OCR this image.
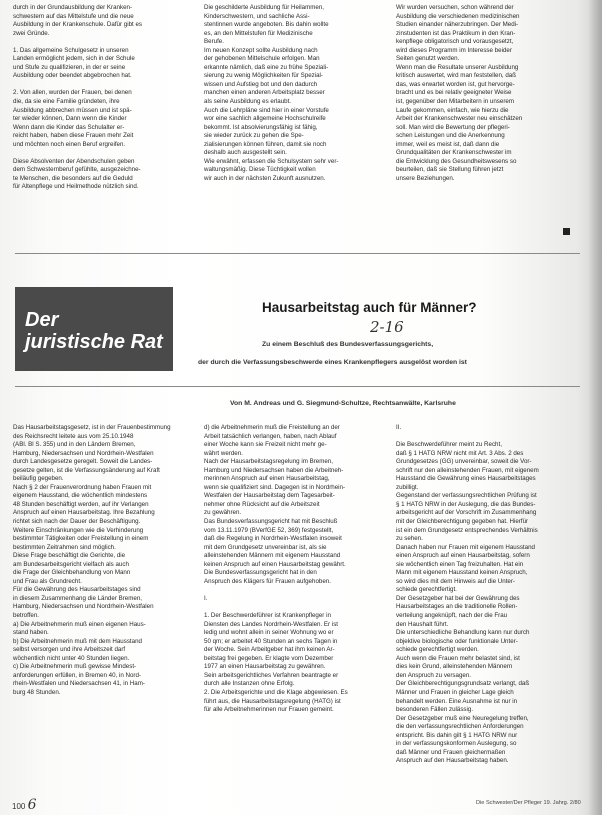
durch in der Grundausbildung der Kranken-
schwestern auf das Mittelstufe und die neue
Ausbildung in der Krankenschule. Dafür gibt es
zwei Gründe.

1. Das allgemeine Schulgesetz in unseren
Landen ermöglicht jedem, sich in der Schule
und Stufe zu qualifizieren, in der er seine
Ausbildung oder beendet abgebrochen hat.

2. Von allen, wurden der Frauen, bei denen
die, da sie eine Familie gründeten, ihre
Ausbildung abbrechen müssen und ist spä-
ter wieder können, Dann wenn die Kinder
Wenn dann die Kinder das Schulalter er-
reicht haben, haben diese Frauen mehr Zeit
und möchten noch einen Beruf ergreifen.

Diese Absolventen der Abendschulen geben
dem Schwesternberuf gefühlte, ausgezeichne-
te Menschen, die besonders auf die Geduld
für Altenpflege und Heilmethode nützlich sind.
Die geschilderte Ausbildung für Heilammen,
Kinderschwestern, und sachliche Assi-
stentinnen wurde angeboten. Bis dahin wollte
es, an den Mittelstufen für Medizinische
Berufe.
Im neuen Konzept sollte Ausbildung nach
der gehobenen Mittelschule erfolgen. Man
erkannte nämlich, daß eine zu frühe Speziali-
sierung zu wenig Möglichkeiten für Spezial-
wissen und Aufstieg bot und den dadurch
manchen einen anderen Arbeitsplatz besser
als seine Ausbildung es erlaubt.
Auch die Lehrpläne sind hier in einer Vorstufe
wor eine sachlich allgemeine Hochschulreife
bekommt. Ist absolvierungsfähig ist fähig,
sie wieder zurück zu gehen die Spe-
zialisierungen können führen, damit sie noch
deshalb auch ausgestellt sein.
Wie erwähnt, erfassen die Schulsystem sehr ver-
waltungsmäßig. Diese Tüchtigkeit wollen
wir auch in der nächsten Zukunft ausnutzen.
Wir wurden versuchen, schon während der
Ausbildung die verschiedenen medizinischen
Studien einander näherzubringen. Der Medi-
zinstudenten ist das Praktikum in den Kran-
kenpflege obligatorisch und vorausgesetzt,
wird dieses Programm im Interesse beider
Seiten genutzt werden.
Wenn man die Resultate unserer Ausbildung
kritisch auswertet, wird man feststellen, daß
das, was erwartet worden ist, gut hervorge-
bracht und es bei relativ geeigneter Weise
ist, gegenüber den Mitarbeitern in unserem
Laufe gekommen, einfach, wie hierzu die
Arbeit der Krankenschwester neu einschätzen
soll. Man wird die Bewertung der pflegeri-
schen Leistungen und die Anerkennung
immer, weil es meist ist, daß dann die
Grundqualitäten der Krankenschwester im
die Entwicklung des Gesundheitswesens so
beurteilen, daß sie Stellung führen jetzt
unsere Beziehungen.
Der
juristische Rat
Hausarbeitstag auch für Männer?
2-16
Zu einem Beschluß des Bundesverfassungsgerichts,
der durch die Verfassungsbeschwerde eines Krankenpflegers ausgelöst worden ist
Von M. Andreas und G. Siegmund-Schultze, Rechtsanwälte, Karlsruhe
Das Hausarbeitstagsgesetz, ist in der Frauenbestimmung
des Reichsrecht leitete aus vom 25.10.1948
(ABl. Bl S. 355) und in den Ländern Bremen,
Hamburg, Niedersachsen und Nordrhein-Westfalen
durch Landesgesetze geregelt. Soweit die Landes-
gesetze gelten, ist die Verfassungsänderung auf Kraft
beiläufig gegeben.
Nach § 2 der Frauenverordnung haben Frauen mit
eigenem Hausstand, die wöchentlich mindestens
48 Stunden beschäftigt werden, auf ihr Verlangen
Anspruch auf einen Hausarbeitstag. Ihre Bezahlung
richtet sich nach der Dauer der Beschäftigung.
Weitere Einschränkungen wie die Verhinderung
bestimmter Tätigkeiten oder Freistellung in einem
bestimmten Zeitrahmen sind möglich.
Diese Frage beschäftigt die Gerichte, die
am Bundesarbeitsgericht vielfach als auch
die Frage der Gleichbehandlung von Mann
und Frau als Grundrecht.
Für die Gewährung des Hausarbeitstages sind
in diesem Zusammenhang die Länder Bremen,
Hamburg, Niedersachsen und Nordrhein-Westfalen
betroffen.
a) Die Arbeitnehmerin muß einen eigenen Haus-
stand haben.
b) Die Arbeitnehmerin muß mit dem Hausstand
selbst versorgen und ihre Arbeitszeit darf
wöchentlich nicht unter 40 Stunden liegen.
c) Die Arbeitnehmerin muß gewisse Mindest-
anforderungen erfüllen, in Bremen 40, in Nord-
rhein-Westfalen und Niedersachsen 41, in Ham-
burg 48 Stunden.
d) die Arbeitnehmerin muß die Freistellung an der
Arbeit tatsächlich verlangen, haben, nach Ablauf
einer Woche kann sie Freizeit nicht mehr ge-
währt werden.
Nach der Hausarbeitstagsregelung im Bremen,
Hamburg und Niedersachsen haben die Arbeitneh-
merinnen Anspruch auf einen Hausarbeitstag,
wenn sie qualifiziert sind. Dagegen ist in Nordrhein-
Westfalen der Hausarbeitstag dem Tagesarbeit-
nehmer ohne Rücksicht auf die Arbeitszeit
zu gewähren.
Das Bundesverfassungsgericht hat mit Beschluß
vom 13.11.1979 (BVerfGE 52, 369) festgestellt,
daß die Regelung in Nordrhein-Westfalen insoweit
mit dem Grundgesetz unvereinbar ist, als sie
alleinstehenden Männern mit eigenem Hausstand
keinen Anspruch auf einen Hausarbeitstag gewährt.
Die Bundesverfassungsgericht hat in den
Anspruch des Klägers für Frauen aufgehoben.

I.

1. Der Beschwerdeführer ist Krankenpfleger in
Diensten des Landes Nordrhein-Westfalen. Er ist
ledig und wohnt allein in seiner Wohnung wo er
50 qm; er arbeitet 40 Stunden an sechs Tagen in
der Woche. Sein Arbeitgeber hat ihm keinen Ar-
beitstag frei gegeben. Er klagte vom Dezember
1977 an einen Hausarbeitstag zu gewähren.
Sein arbeitsgerichtliches Verfahren beantragte er
durch alle Instanzen ohne Erfolg.
2. Die Arbeitsgerichte und die Klage abgewiesen. Es
führt aus, die Hausarbeitstagsregelung (HATG) ist
für alle Arbeitnehmerinnen nur Frauen gemeint.
II.

Die Beschwerdeführer meint zu Recht,
daß § 1 HATG NRW nicht mit Art. 3 Abs. 2 des
Grundgesetzes (GG) unvereinbar, soweit die Vor-
schrift nur den alleinstehenden Frauen, mit eigenem
Hausstand die Gewährung eines Hausarbeitstages
zubilligt.
Gegenstand der verfassungsrechtlichen Prüfung ist
§ 1 HATG NRW in der Auslegung, die das Bundes-
arbeitsgericht auf der Vorschrift im Zusammenhang
mit der Gleichberechtigung gegeben hat. Hierfür
ist ein dem Grundgesetz entsprechendes Verhältnis
zu sehen.
Danach haben nur Frauen mit eigenem Hausstand
einen Anspruch auf einen Hausarbeitstag, sofern
sie wöchentlich einen Tag freizuhalten. Hat ein
Mann mit eigenem Hausstand keinen Anspruch,
so wird dies mit dem Hinweis auf die Unter-
schiede gerechtfertigt.
Der Gesetzgeber hat bei der Gewährung des
Hausarbeitstages an die traditionelle Rollen-
verteilung angeknüpft, nach der die Frau
den Haushalt führt.
Die unterschiedliche Behandlung kann nur durch
objektive biologische oder funktionale Unter-
schiede gerechtfertigt werden.
Auch wenn die Frauen mehr belastet sind, ist
dies kein Grund, alleinstehenden Männern
den Anspruch zu versagen.
Der Gleichberechtigungsgrundsatz verlangt, daß
Männer und Frauen in gleicher Lage gleich
behandelt werden. Eine Ausnahme ist nur in
besonderen Fällen zulässig.
Der Gesetzgeber muß eine Neuregelung treffen,
die den verfassungsrechtlichen Anforderungen
entspricht. Bis dahin gilt § 1 HATG NRW nur
in der verfassungskonformen Auslegung, so
daß Männer und Frauen gleichermaßen
Anspruch auf den Hausarbeitstag haben.
100 6	Die Schwester/Der Pfleger 19. Jahrg. 2/80
